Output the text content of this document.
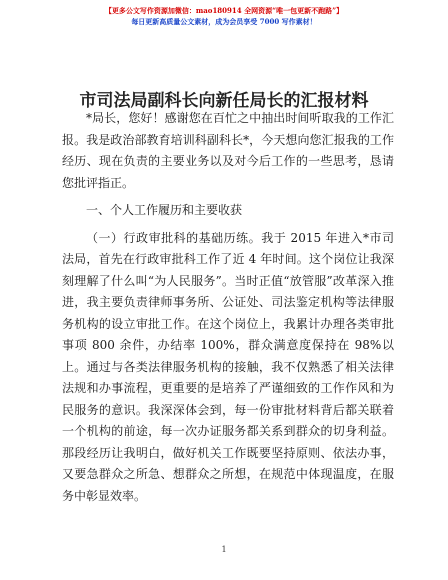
【更多公文写作资源加微信：mao180914 全网资源“唯一包更新不跑路”】
每日更新高质量公文素材，成为会员享受 7000 写作素材！
市司法局副科长向新任局长的汇报材料

*局长，您好！感谢您在百忙之中抽出时间听取我的工作汇报。我是政治部教育培训科副科长*，今天想向您汇报我的工作经历、现在负责的主要业务以及对今后工作的一些思考，恳请您批评指正。

一、个人工作履历和主要收获

（一）行政审批科的基础历练。我于 2015 年进入*市司法局，首先在行政审批科工作了近 4 年时间。这个岗位让我深刻理解了什么叫“为人民服务”。当时正值“放管服”改革深入推进，我主要负责律师事务所、公证处、司法鉴定机构等法律服务机构的设立审批工作。在这个岗位上，我累计办理各类审批事项 800 余件，办结率 100%，群众满意度保持在 98%以上。通过与各类法律服务机构的接触，我不仅熟悉了相关法律法规和办事流程，更重要的是培养了严谨细致的工作作风和为民服务的意识。我深深体会到，每一份审批材料背后都关联着一个机构的前途，每一次办证服务都关系到群众的切身利益。那段经历让我明白，做好机关工作既要坚持原则、依法办事，又要急群众之所急、想群众之所想，在规范中体现温度，在服务中彰显效率。

1
